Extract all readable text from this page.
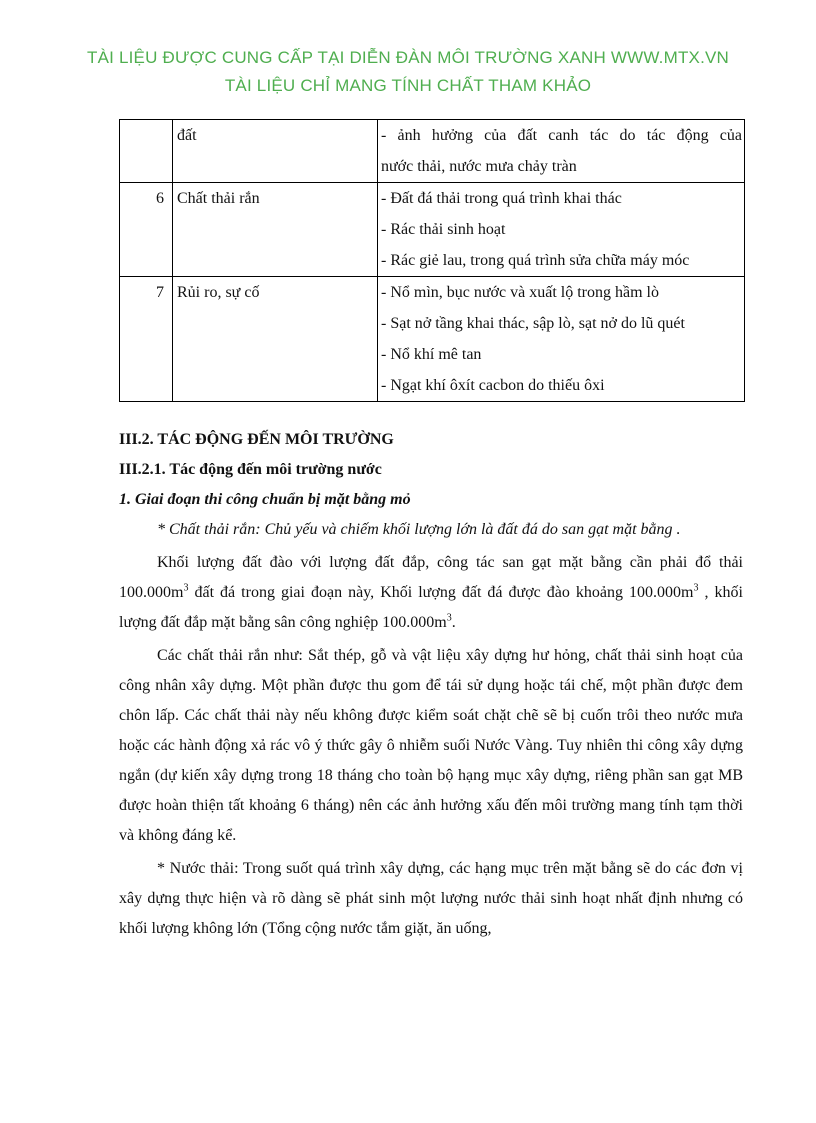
TÀI LIỆU ĐƯỢC CUNG CẤP TẠI DIỄN ĐÀN MÔI TRƯỜNG XANH WWW.MTX.VN
TÀI LIỆU CHỈ MANG TÍNH CHẤT THAM KHẢO

	đất	- ảnh hưởng của đất canh tác do tác động của
nước thải, nước mưa chảy tràn

6	Chất thải rắn	- Đất đá thải trong quá trình khai thác
- Rác thải sinh hoạt
- Rác giẻ lau, trong quá trình sửa chữa máy móc

7	Rủi ro, sự cố	- Nổ mìn, bục nước và xuất lộ trong hầm lò
- Sạt nở tầng khai thác, sập lò, sạt nở do lũ quét
- Nổ khí mê tan
- Ngạt khí ôxít cacbon do thiếu ôxi
III.2. TÁC ĐỘNG ĐẾN MÔI TRƯỜNG
III.2.1. Tác động đến môi trường nước
1. Giai đoạn thi công chuẩn bị mặt bằng mỏ

* Chất thải rắn: Chủ yếu và chiếm khối lượng lớn là đất đá do san gạt mặt bằng .

Khối lượng đất đào với lượng đất đắp, công tác san gạt mặt bằng cần phải đổ thải $100.000m^3$ đất đá trong giai đoạn này, Khối lượng đất đá được đào khoảng $100.000m^3$ , khối lượng đất đắp mặt bằng sân công nghiệp $100.000m^3$.

Các chất thải rắn như: Sắt thép, gỗ và vật liệu xây dựng hư hỏng, chất thải sinh hoạt của công nhân xây dựng. Một phần được thu gom để tái sử dụng hoặc tái chế, một phần được đem chôn lấp. Các chất thải này nếu không được kiểm soát chặt chẽ sẽ bị cuốn trôi theo nước mưa hoặc các hành động xả rác vô ý thức gây ô nhiễm suối Nước Vàng. Tuy nhiên thi công xây dựng ngắn (dự kiến xây dựng trong 18 tháng cho toàn bộ hạng mục xây dựng, riêng phần san gạt MB được hoàn thiện tất khoảng 6 tháng) nên các ảnh hưởng xấu đến môi trường mang tính tạm thời và không đáng kể.

* Nước thải: Trong suốt quá trình xây dựng, các hạng mục trên mặt bằng sẽ do các đơn vị xây dựng thực hiện và rõ dàng sẽ phát sinh một lượng nước thải sinh hoạt nhất định nhưng có khối lượng không lớn (Tổng cộng nước tắm giặt, ăn uống,
